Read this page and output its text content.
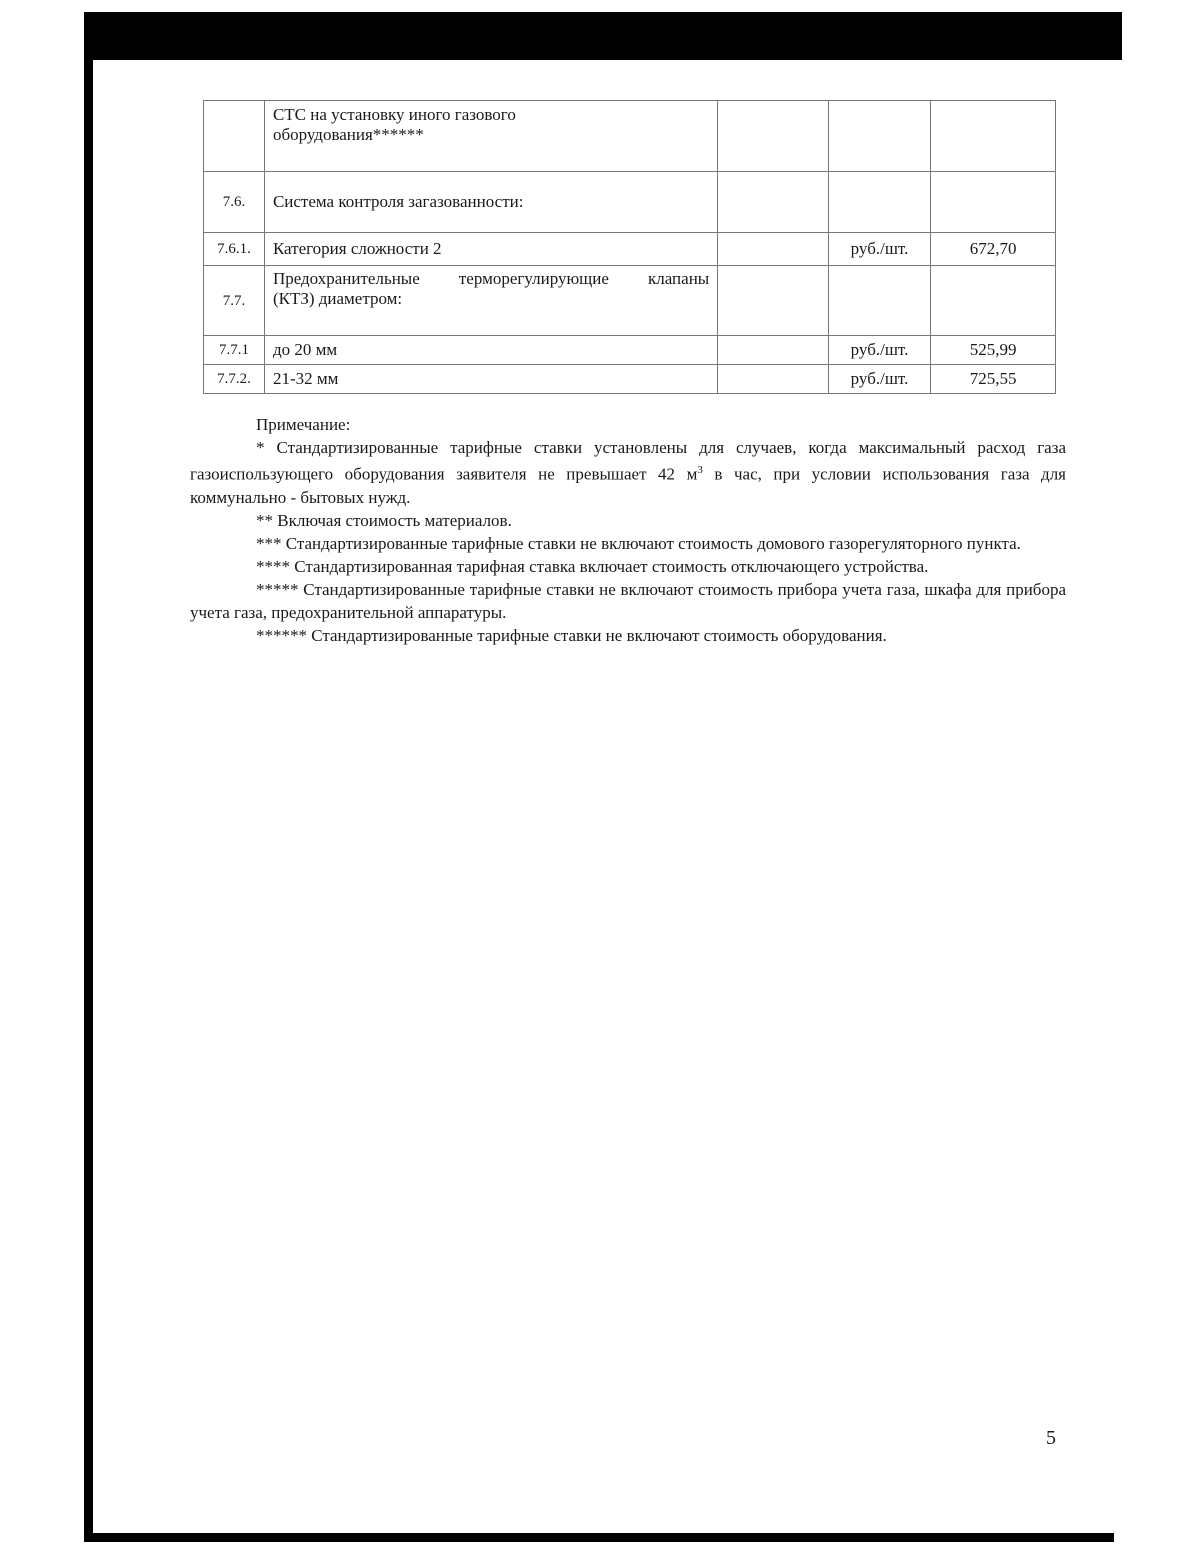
	СТС на установку иного газового
оборудования******			

7.6.	Система контроля загазованности:			

7.6.1.	Категория сложности 2		руб./шт.	672,70
7.7.	Предохранительные терморегулирующие клапаны
(КТЗ) диаметром:			

7.7.1	до 20 мм		руб./шт.	525,99
7.7.2.	21-32 мм		руб./шт.	725,55

Примечание:

* Стандартизированные тарифные ставки установлены для случаев, когда максимальный расход газа газоиспользующего оборудования заявителя не превышает 42 $м^3$ в час, при условии использования газа для коммунально - бытовых нужд.

** Включая стоимость материалов.

*** Стандартизированные тарифные ставки не включают стоимость домового газорегуляторного пункта.

**** Стандартизированная тарифная ставка включает стоимость отключающего устройства.

***** Стандартизированные тарифные ставки не включают стоимость прибора учета газа, шкафа для прибора учета газа, предохранительной аппаратуры.

****** Стандартизированные тарифные ставки не включают стоимость оборудования.

5
